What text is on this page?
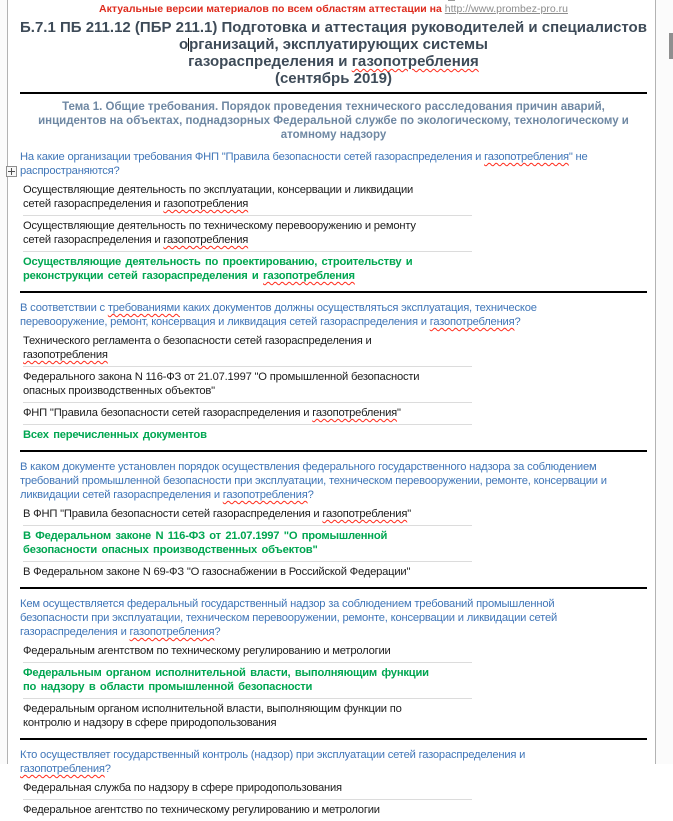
Актуальные версии материалов по всем областям аттестации на http://www.prombez-pro.ru
Б.7.1 ПБ 211.12 (ПБР 211.1) Подготовка и аттестация руководителей и специалистов
организаций, эксплуатирующих системы
газораспределения и газопотребления
(сентябрь 2019)
Тема 1. Общие требования. Порядок проведения технического расследования причин аварий,
инцидентов на объектах, поднадзорных Федеральной службе по экологическому, технологическому и
атомному надзору
На какие организации требования ФНП "Правила безопасности сетей газораспределения и газопотребления" не
распространяются?
Осуществляющие деятельность по эксплуатации, консервации и ликвидации
сетей газораспределения и газопотребления
Осуществляющие деятельность по техническому перевооружению и ремонту
сетей газораспределения и газопотребления
Осуществляющие деятельность по проектированию, строительству и
реконструкции сетей газораспределения и газопотребления
В соответствии с требованиями каких документов должны осуществляться эксплуатация, техническое
перевооружение, ремонт, консервация и ликвидация сетей газораспределения и газопотребления?
Технического регламента о безопасности сетей газораспределения и
газопотребления
Федерального закона N 116-ФЗ от 21.07.1997 "О промышленной безопасности
опасных производственных объектов"
ФНП "Правила безопасности сетей газораспределения и газопотребления"
Всех перечисленных документов
В каком документе установлен порядок осуществления федерального государственного надзора за соблюдением
требований промышленной безопасности при эксплуатации, техническом перевооружении, ремонте, консервации и
ликвидации сетей газораспределения и газопотребления?
В ФНП "Правила безопасности сетей газораспределения и газопотребления"
В Федеральном законе N 116-ФЗ от 21.07.1997 "О промышленной
безопасности опасных производственных объектов"
В Федеральном законе N 69-ФЗ "О газоснабжении в Российской Федерации"
Кем осуществляется федеральный государственный надзор за соблюдением требований промышленной
безопасности при эксплуатации, техническом перевооружении, ремонте, консервации и ликвидации сетей
газораспределения и газопотребления?
Федеральным агентством по техническому регулированию и метрологии
Федеральным органом исполнительной власти, выполняющим функции
по надзору в области промышленной безопасности
Федеральным органом исполнительной власти, выполняющим функции по
контролю и надзору в сфере природопользования
Кто осуществляет государственный контроль (надзор) при эксплуатации сетей газораспределения и
газопотребления?
Федеральная служба по надзору в сфере природопользования
Федеральное агентство по техническому регулированию и метрологии
